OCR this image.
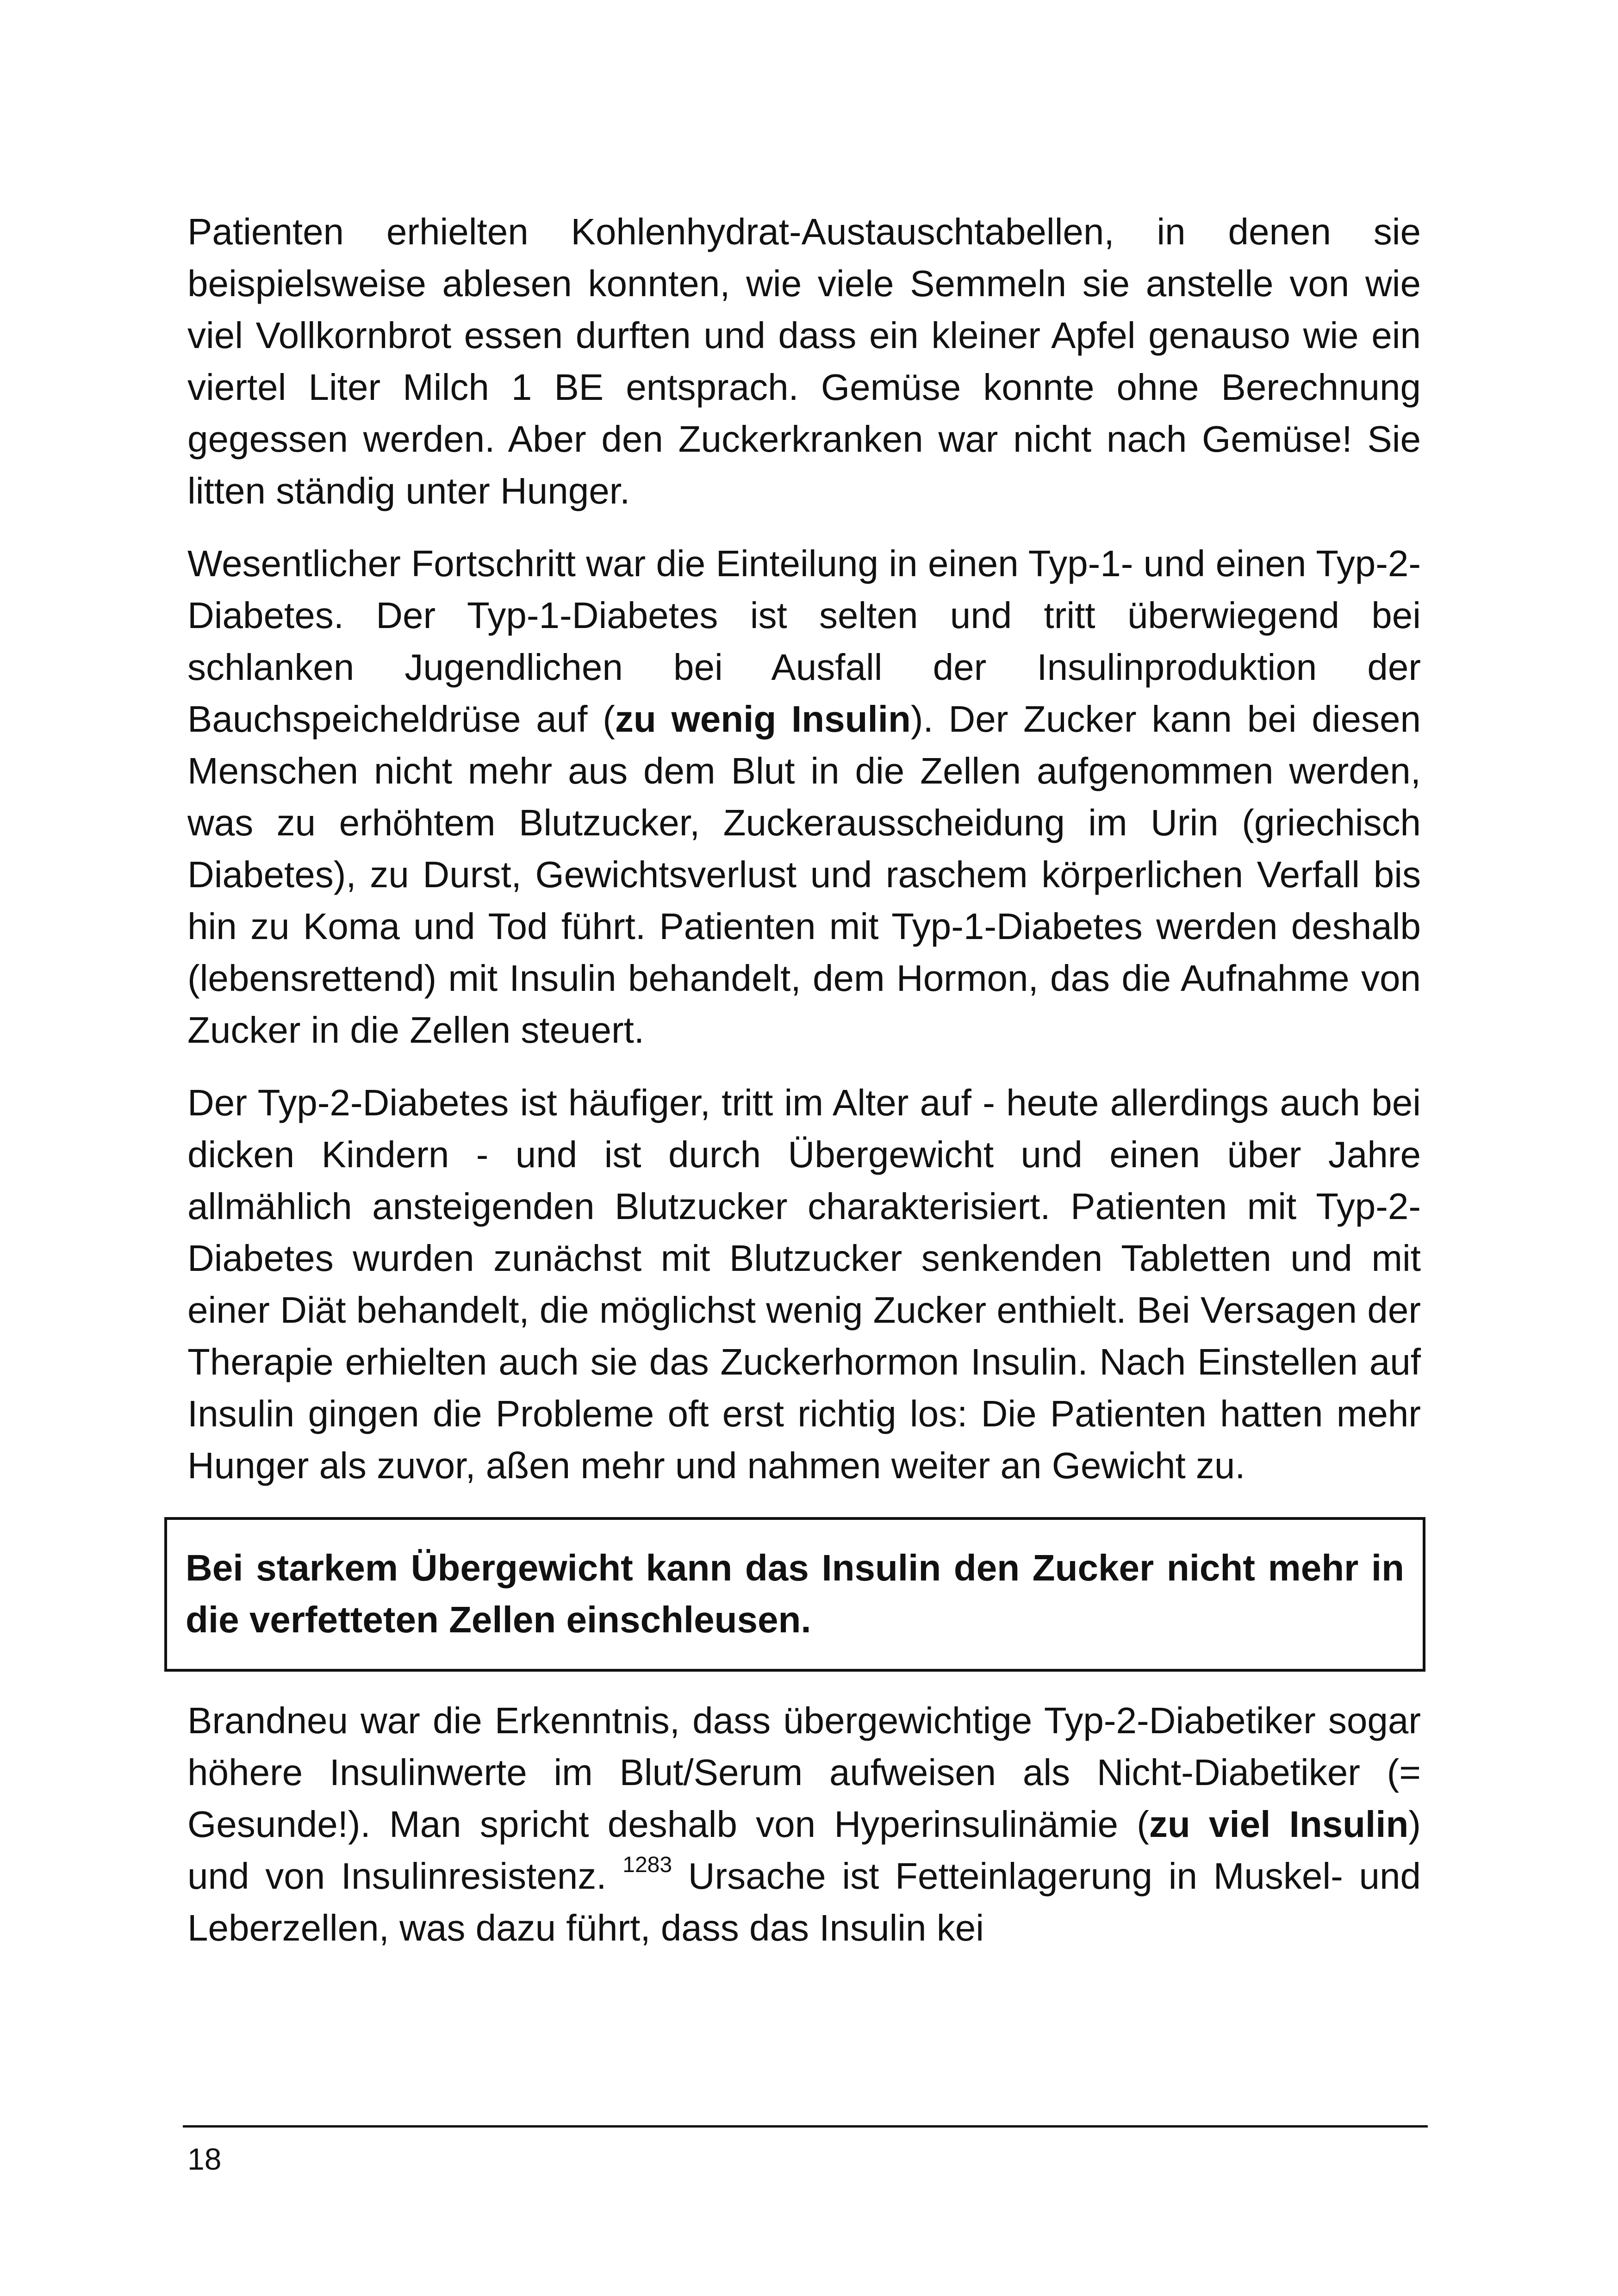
Patienten erhielten Kohlenhydrat-Austauschtabellen, in denen sie beispielsweise ablesen konnten, wie viele Semmeln sie anstelle von wie viel Vollkornbrot essen durften und dass ein kleiner Apfel genauso wie ein viertel Liter Milch 1 BE entsprach. Gemüse konnte ohne Berechnung gegessen werden. Aber den Zuckerkranken war nicht nach Gemüse! Sie litten ständig unter Hunger.

Wesentlicher Fortschritt war die Einteilung in einen Typ-1- und einen Typ-2-Diabetes. Der Typ-1-Diabetes ist selten und tritt überwiegend bei schlanken Jugendlichen bei Ausfall der Insulinproduktion der Bauchspeicheldrüse auf (zu wenig Insulin). Der Zucker kann bei diesen Menschen nicht mehr aus dem Blut in die Zellen aufgenommen werden, was zu erhöhtem Blutzucker, Zuckerausscheidung im Urin (griechisch Diabetes), zu Durst, Gewichtsverlust und raschem körperlichen Verfall bis hin zu Koma und Tod führt. Patienten mit Typ-1-Diabetes werden deshalb (lebensrettend) mit Insulin behandelt, dem Hormon, das die Aufnahme von Zucker in die Zellen steuert.

Der Typ-2-Diabetes ist häufiger, tritt im Alter auf - heute allerdings auch bei dicken Kindern - und ist durch Übergewicht und einen über Jahre allmählich ansteigenden Blutzucker charakterisiert. Patienten mit Typ-2-Diabetes wurden zunächst mit Blutzucker senkenden Tabletten und mit einer Diät behandelt, die möglichst wenig Zucker enthielt. Bei Versagen der Therapie erhielten auch sie das Zuckerhormon Insulin. Nach Einstellen auf Insulin gingen die Probleme oft erst richtig los: Die Patienten hatten mehr Hunger als zuvor, aßen mehr und nahmen weiter an Gewicht zu.

Bei starkem Übergewicht kann das Insulin den Zucker nicht mehr in die verfetteten Zellen einschleusen.

Brandneu war die Erkenntnis, dass übergewichtige Typ-2-Diabetiker sogar höhere Insulinwerte im Blut/Serum aufweisen als Nicht-Diabetiker (= Gesunde!). Man spricht deshalb von Hyperinsulinämie (zu viel Insulin) und von Insulinresistenz. $^{1283}$ Ursache ist Fetteinlagerung in Muskel- und Leberzellen, was dazu führt, dass das Insulin kei

18
